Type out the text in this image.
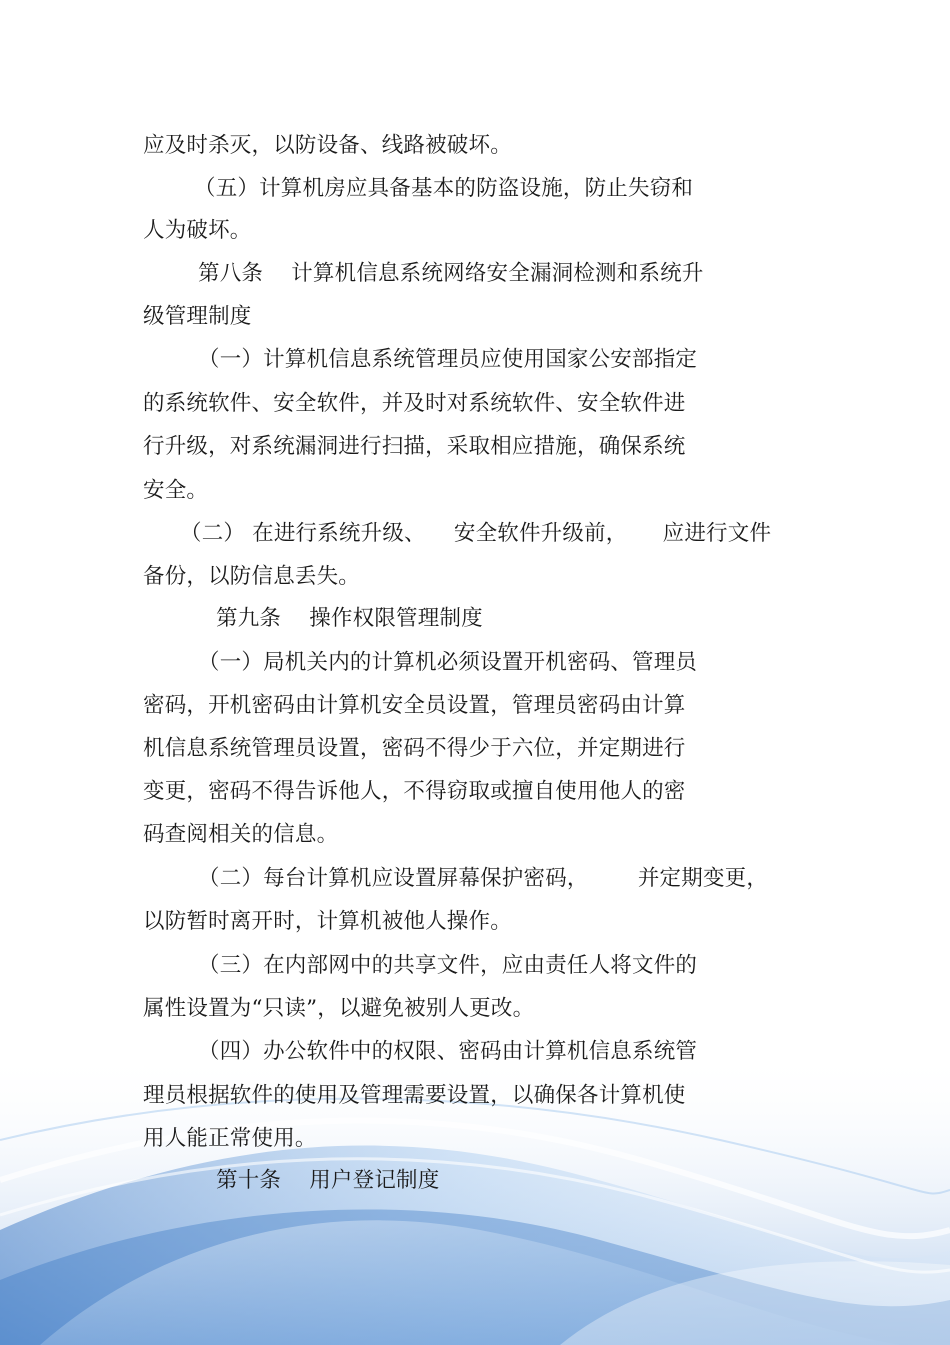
应及时杀灭，以防设备、线路被破坏。
（五）计算机房应具备基本的防盗设施，防止失窃和
人为破坏。
第八条    计算机信息系统网络安全漏洞检测和系统升
级管理制度
（一）计算机信息系统管理员应使用国家公安部指定
的系统软件、安全软件，并及时对系统软件、安全软件进
行升级，对系统漏洞进行扫描，采取相应措施，确保系统
安全。
（二） 在进行系统升级、    安全软件升级前，     应进行文件
备份，以防信息丢失。
第九条    操作权限管理制度
（一）局机关内的计算机必须设置开机密码、管理员
密码，开机密码由计算机安全员设置，管理员密码由计算
机信息系统管理员设置，密码不得少于六位，并定期进行
变更，密码不得告诉他人，不得窃取或擅自使用他人的密
码查阅相关的信息。
（二）每台计算机应设置屏幕保护密码，       并定期变更，
以防暂时离开时，计算机被他人操作。
（三）在内部网中的共享文件，应由责任人将文件的
属性设置为“只读”，以避免被别人更改。
（四）办公软件中的权限、密码由计算机信息系统管
理员根据软件的使用及管理需要设置，以确保各计算机使
用人能正常使用。
第十条    用户登记制度
